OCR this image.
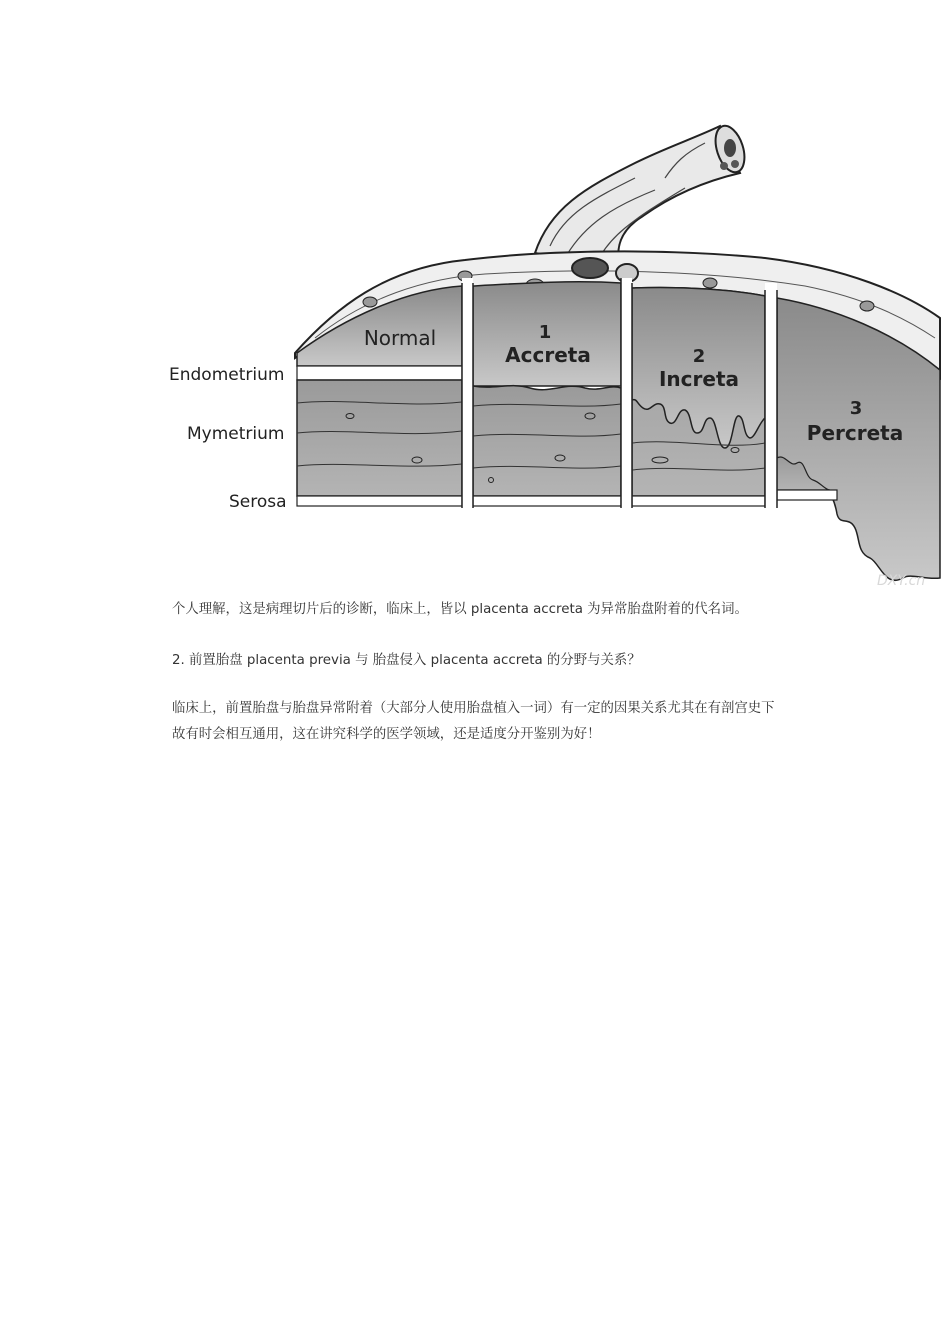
Endometrium
Mymetrium
Serosa
Normal	1
Accreta	2
Increta
3
Percreta
DXY.cn

个人理解，这是病理切片后的诊断，临床上，皆以 placenta accreta 为异常胎盘附着的代名词。

2. 前置胎盘 placenta previa 与 胎盘侵入 placenta accreta 的分野与关系？

临床上，前置胎盘与胎盘异常附着（大部分人使用胎盘植入一词）有一定的因果关系尤其在有剖宫史下
故有时会相互通用，这在讲究科学的医学领域，还是适度分开鉴别为好！
